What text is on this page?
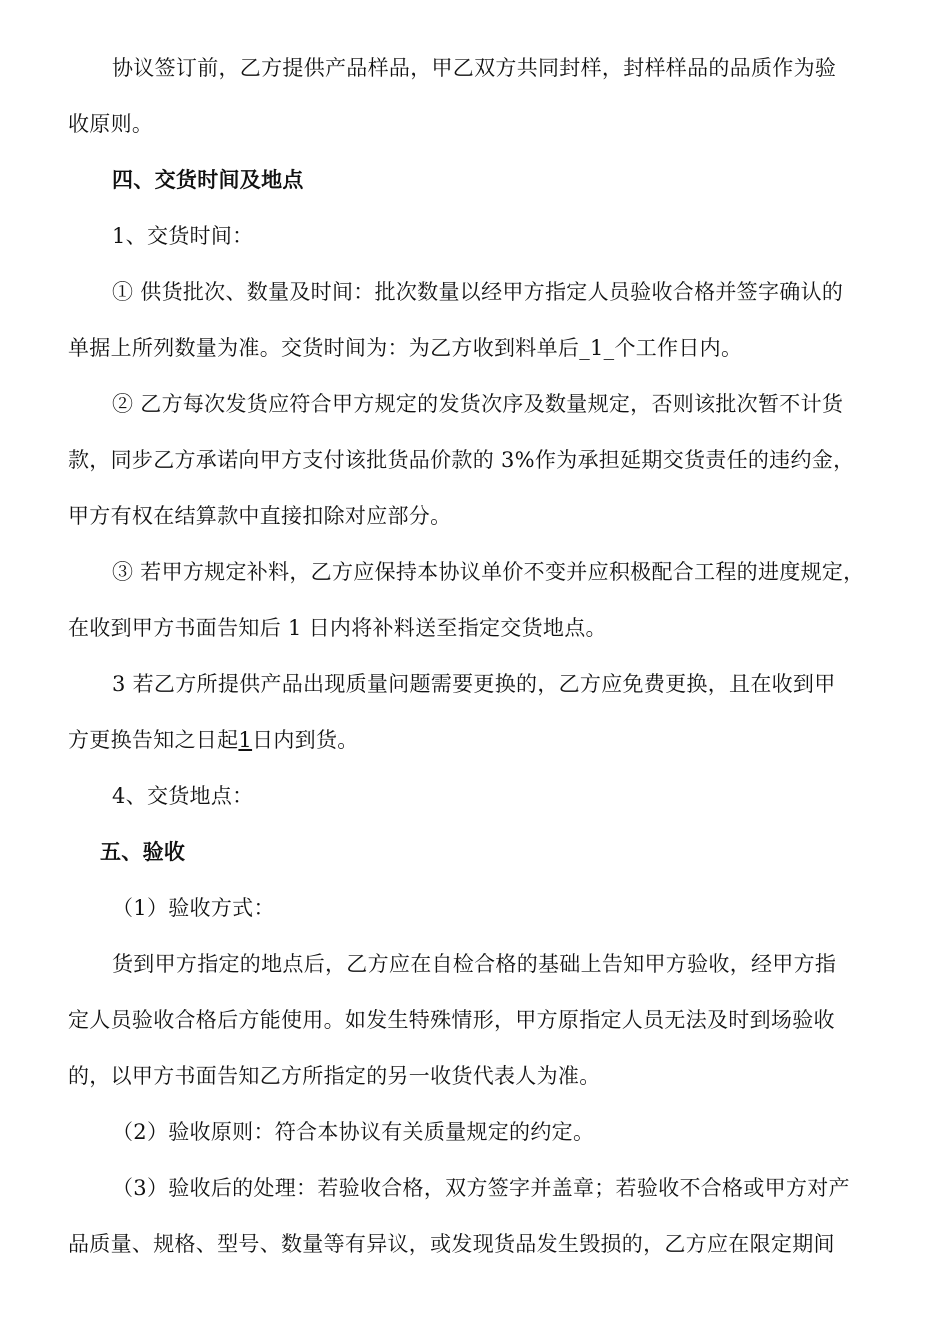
协议签订前，乙方提供产品样品，甲乙双方共同封样，封样样品的品质作为验
收原则。
四、交货时间及地点
1、交货时间：
① 供货批次、数量及时间：批次数量以经甲方指定人员验收合格并签字确认的
单据上所列数量为准。交货时间为：为乙方收到料单后_1_个工作日内。
② 乙方每次发货应符合甲方规定的发货次序及数量规定，否则该批次暂不计货
款，同步乙方承诺向甲方支付该批货品价款的 3%作为承担延期交货责任的违约金，
甲方有权在结算款中直接扣除对应部分。
③ 若甲方规定补料，乙方应保持本协议单价不变并应积极配合工程的进度规定，
在收到甲方书面告知后 1 日内将补料送至指定交货地点。
3 若乙方所提供产品出现质量问题需要更换的，乙方应免费更换，且在收到甲
方更换告知之日起1日内到货。
4、交货地点：
五、验收
（1）验收方式：
货到甲方指定的地点后，乙方应在自检合格的基础上告知甲方验收，经甲方指
定人员验收合格后方能使用。如发生特殊情形，甲方原指定人员无法及时到场验收
的，以甲方书面告知乙方所指定的另一收货代表人为准。
（2）验收原则：符合本协议有关质量规定的约定。
（3）验收后的处理：若验收合格，双方签字并盖章；若验收不合格或甲方对产
品质量、规格、型号、数量等有异议，或发现货品发生毁损的，乙方应在限定期间
